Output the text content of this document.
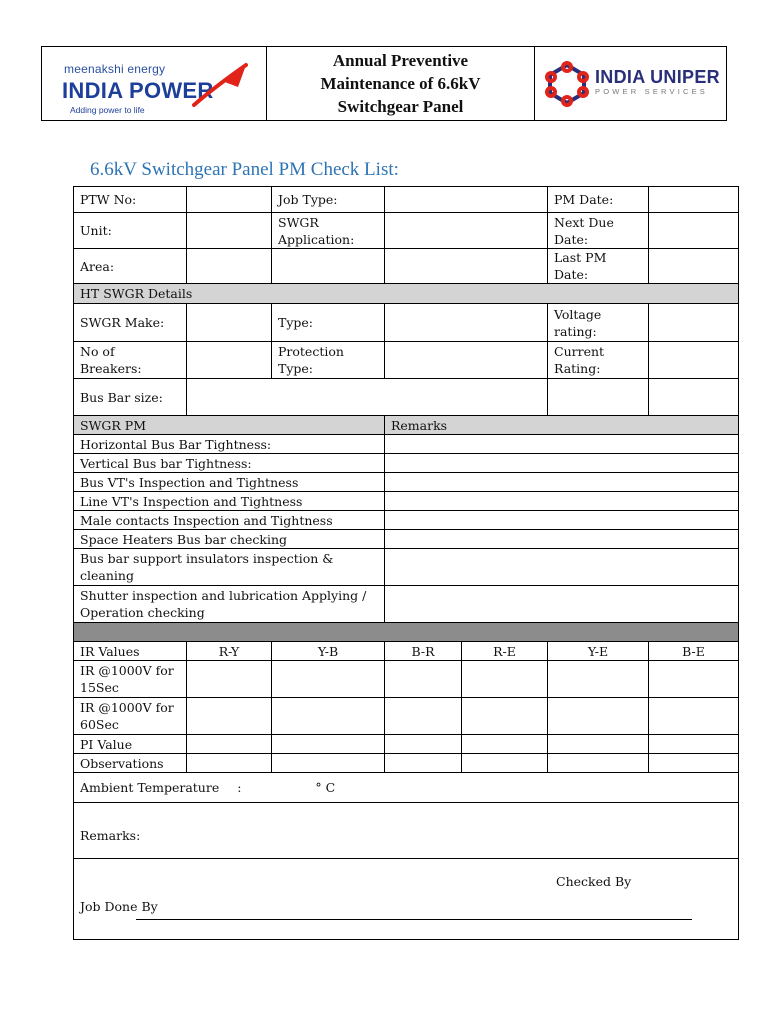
meenakshi energy
INDIA POWER
Adding power to life
Annual Preventive
Maintenance of 6.6kV
Switchgear Panel
INDIA UNIPER
POWER SERVICES
6.6kV Switchgear Panel PM Check List:
PTW No:		Job Type:			PM Date:	
Unit:		SWGR Application:			Next Due Date:	
Area:					Last PM Date:	
HT SWGR Details						
SWGR Make:		Type:			Voltage rating:	
No of Breakers:		Protection Type:			Current Rating:	
Bus Bar size:						
SWGR PM			Remarks			
Horizontal Bus Bar Tightness:						
Vertical Bus bar Tightness:						
Bus VT's Inspection and Tightness						
Line VT's Inspection and Tightness						
Male contacts Inspection and Tightness						
Space Heaters Bus bar checking						
Bus bar support insulators inspection & cleaning						
Shutter inspection and lubrication Applying / Operation checking						

IR Values	R-Y	Y-B	B-R	R-E	Y-E	B-E
IR @1000V for 15Sec						
IR @1000V for 60Sec						
PI Value						
Observations						
Ambient Temperature : ° C						
Remarks:						
Job Done By
Checked By						
